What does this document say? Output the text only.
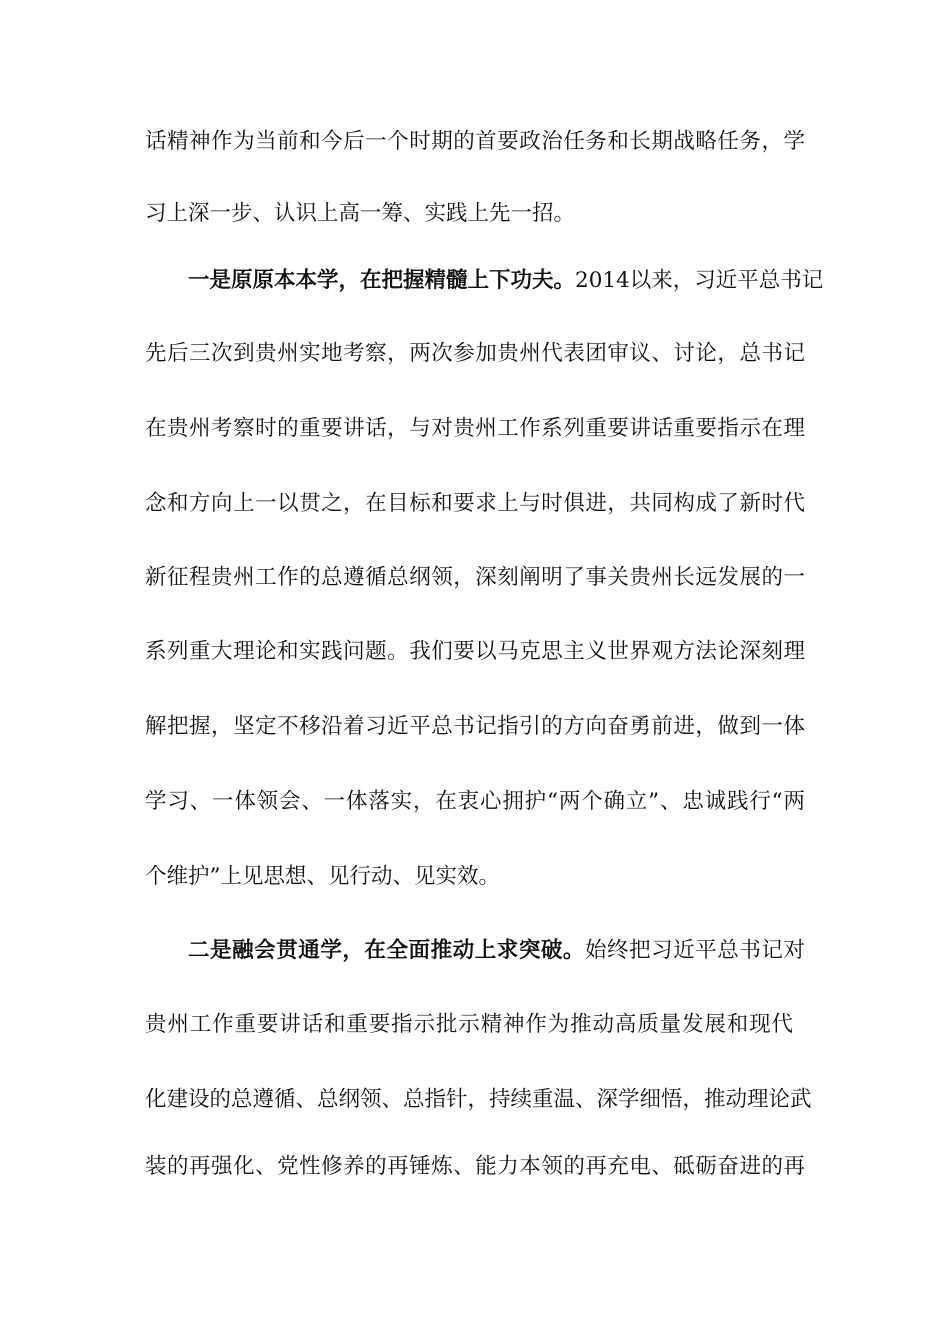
话精神作为当前和今后一个时期的首要政治任务和长期战略任务，学
习上深一步、认识上高一筹、实践上先一招。
一是原原本本学，在把握精髓上下功夫。2014以来，习近平总书记
先后三次到贵州实地考察，两次参加贵州代表团审议、讨论，总书记
在贵州考察时的重要讲话，与对贵州工作系列重要讲话重要指示在理
念和方向上一以贯之，在目标和要求上与时俱进，共同构成了新时代
新征程贵州工作的总遵循总纲领，深刻阐明了事关贵州长远发展的一
系列重大理论和实践问题。我们要以马克思主义世界观方法论深刻理
解把握，坚定不移沿着习近平总书记指引的方向奋勇前进，做到一体
学习、一体领会、一体落实，在衷心拥护“两个确立”、忠诚践行“两
个维护”上见思想、见行动、见实效。
二是融会贯通学，在全面推动上求突破。始终把习近平总书记对
贵州工作重要讲话和重要指示批示精神作为推动高质量发展和现代
化建设的总遵循、总纲领、总指针，持续重温、深学细悟，推动理论武
装的再强化、党性修养的再锤炼、能力本领的再充电、砥砺奋进的再
